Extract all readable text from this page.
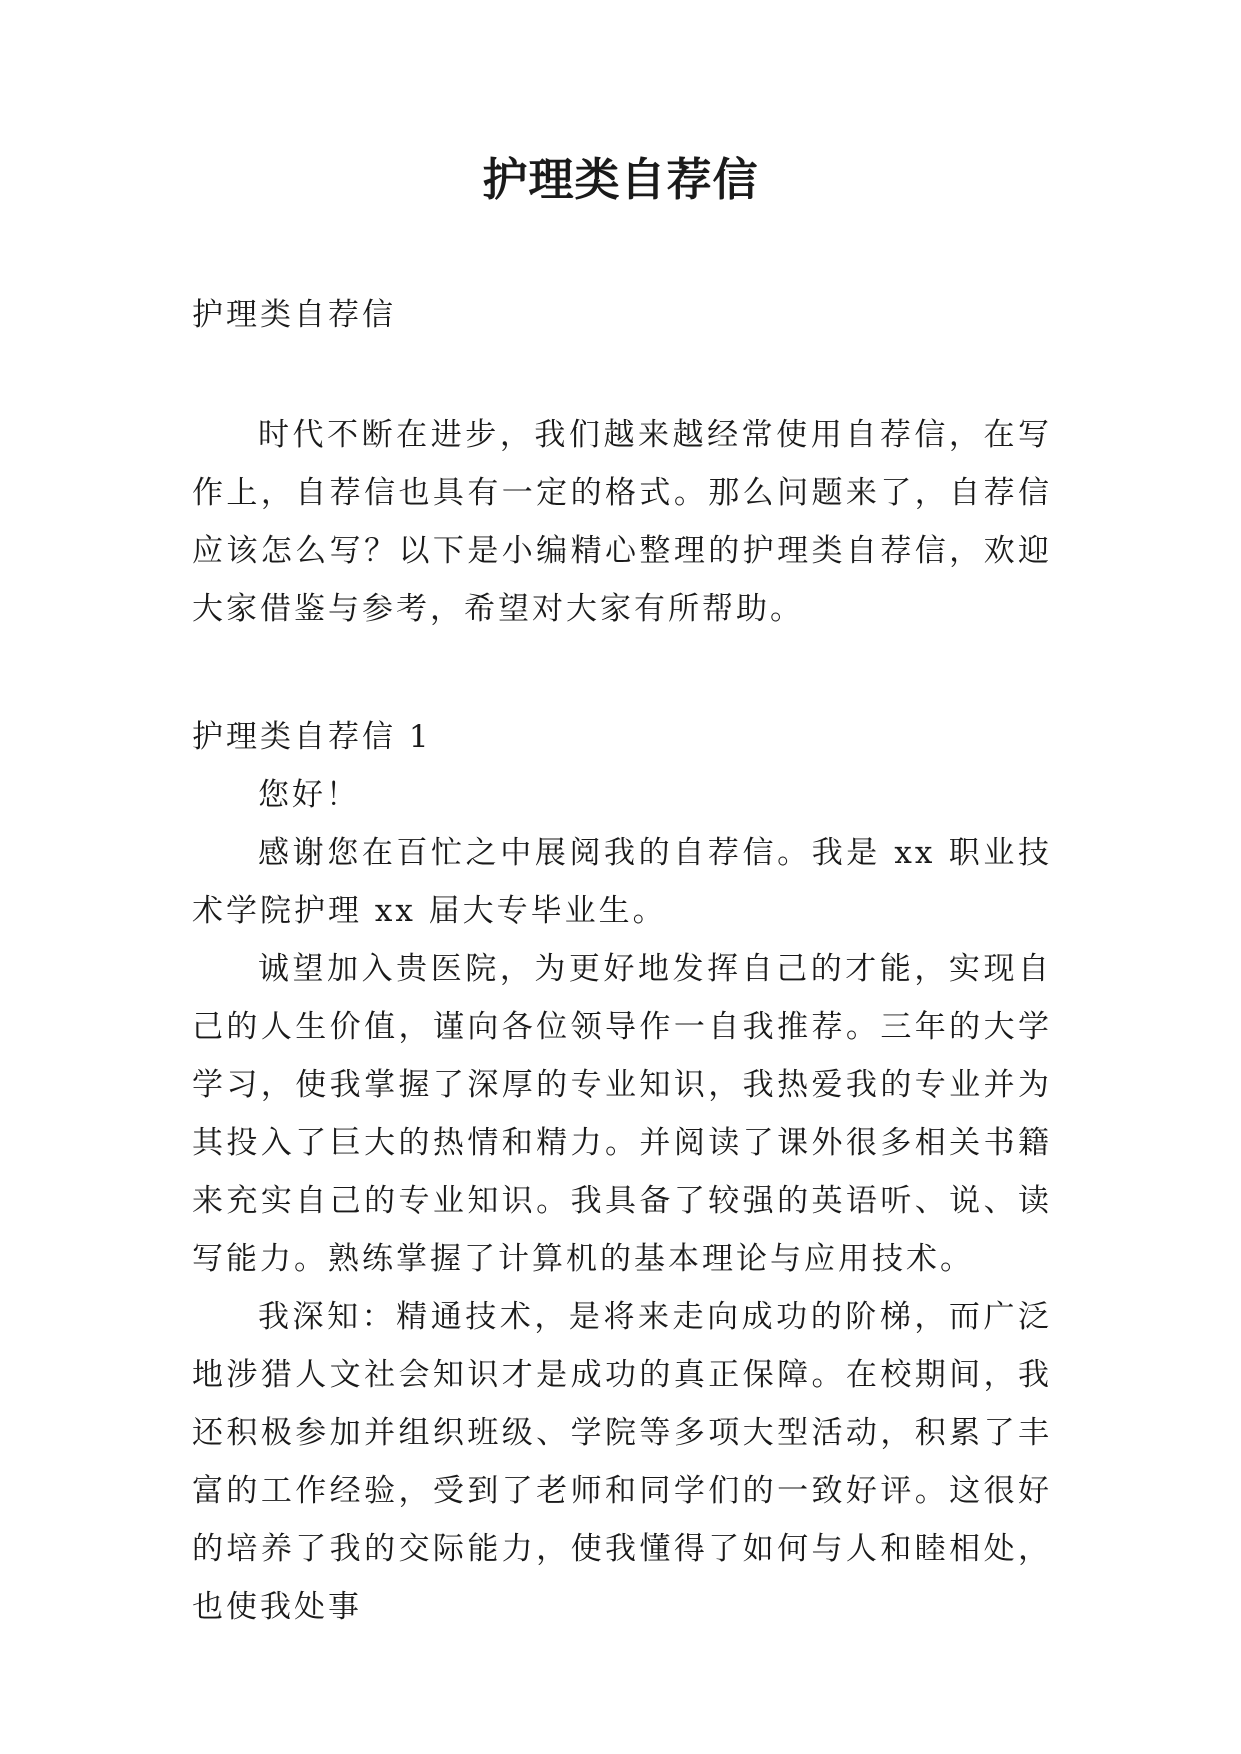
护理类自荐信
护理类自荐信

时代不断在进步，我们越来越经常使用自荐信，在写作上，自荐信也具有一定的格式。那么问题来了，自荐信应该怎么写？以下是小编精心整理的护理类自荐信，欢迎大家借鉴与参考，希望对大家有所帮助。

护理类自荐信 1

您好！

感谢您在百忙之中展阅我的自荐信。我是 xx 职业技术学院护理 xx 届大专毕业生。

诚望加入贵医院，为更好地发挥自己的才能，实现自己的人生价值，谨向各位领导作一自我推荐。三年的大学学习，使我掌握了深厚的专业知识，我热爱我的专业并为其投入了巨大的热情和精力。并阅读了课外很多相关书籍来充实自己的专业知识。我具备了较强的英语听、说、读写能力。熟练掌握了计算机的基本理论与应用技术。

我深知：精通技术，是将来走向成功的阶梯，而广泛地涉猎人文社会知识才是成功的真正保障。在校期间，我还积极参加并组织班级、学院等多项大型活动，积累了丰富的工作经验，受到了老师和同学们的一致好评。这很好的培养了我的交际能力，使我懂得了如何与人和睦相处，也使我处事
